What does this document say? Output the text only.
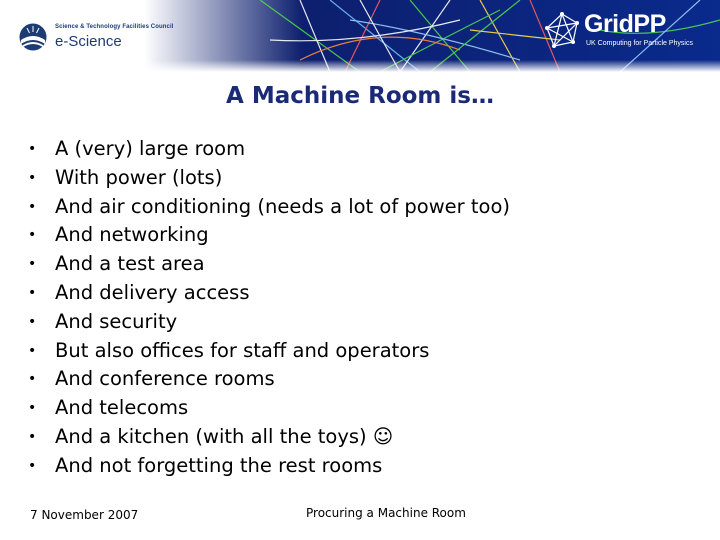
Science & Technology Facilities Council
e-Science
GridPP
UK Computing for Particle Physics
A Machine Room is…
• A (very) large room
• With power (lots)
• And air conditioning (needs a lot of power too)
• And networking
• And a test area
• And delivery access
• And security
• But also offices for staff and operators
• And conference rooms
• And telecoms
• And a kitchen (with all the toys) ☺
• And not forgetting the rest rooms
7 November 2007	Procuring a Machine Room
